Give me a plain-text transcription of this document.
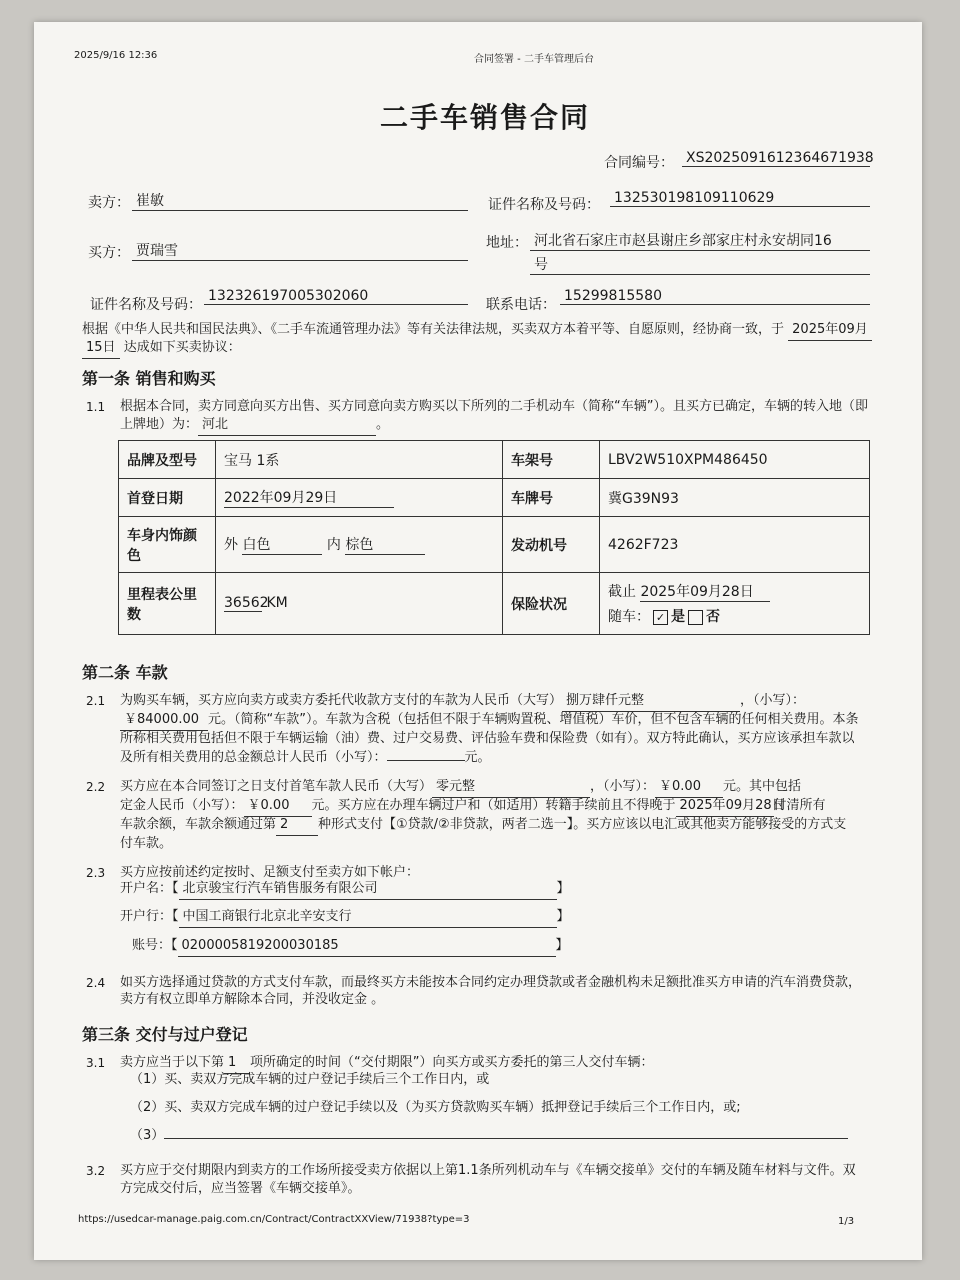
2025/9/16 12:36	合同签署 - 二手车管理后台
二手车销售合同
合同编号： XS2025091612364671938
卖方： 崔敏	证件名称及号码： 132530198109110629
买方： 贾瑞雪	地址： 河北省石家庄市赵县谢庄乡部家庄村永安胡同16
号
证件名称及号码：
132326197005302060
联系电话：
15299815580
根据《中华人民共和国民法典》、《二手车流通管理办法》等有关法律法规，买卖双方本着平等、自愿原则，经协商一致，于 2025年09月
15日 达成如下买卖协议：
第一条 销售和购买
1.1 根据本合同，卖方同意向买方出售、买方同意向卖方购买以下所列的二手机动车（简称“车辆”）。且买方已确定，车辆的转入地（即
上牌地）为： 河北	。
品牌及型号	宝马 1系	车架号	LBV2W510XPM486450
首登日期	2022年09月29日	车牌号	冀G39N93
车身内饰颜色	外 白色 内 棕色	发动机号	4262F723
里程表公里数	36562 KM	保险状况	截止 2025年09月28日
随车： ✓ 是 否
第二条 车款
2.1 为购买车辆，买方应向卖方或卖方委托代收款方支付的车款为人民币（大写） 捌万肆仟元整	，（小写）：
￥84000.00 元。（简称“车款”）。车款为含税（包括但不限于车辆购置税、增值税）车价，但不包含车辆的任何相关费用。本条
所称相关费用包括但不限于车辆运输（油）费、过户交易费、评估验车费和保险费（如有）。双方特此确认，买方应该承担车款以
及所有相关费用的总金额总计人民币（小写）：	元。
2.2 买方应在本合同签订之日支付首笔车款人民币（大写） 零元整	，（小写）： ￥0.00 元。其中包括
定金人民币（小写）： ￥0.00 元。买方应在办理车辆过户和（如适用）转籍手续前且不得晚于 2025年09月28日付清所有
车款余额，车款余额通过第 2 种形式支付【①贷款/②非贷款，两者二选一】。买方应该以电汇或其他卖方能够接受的方式支
付车款。
2.3 买方应按前述约定按时、足额支付至卖方如下帐户：
开户名：【 北京骏宝行汽车销售服务有限公司	】
开户行：【 中国工商银行北京北辛安支行	】
账号：【 0200005819200030185	】
2.4 如买方选择通过贷款的方式支付车款，而最终买方未能按本合同约定办理贷款或者金融机构未足额批准买方申请的汽车消费贷款，
卖方有权立即单方解除本合同，并没收定金 。
第三条 交付与过户登记
3.1 卖方应当于以下第 1 项所确定的时间（“交付期限”）向买方或买方委托的第三人交付车辆：
（1）买、卖双方完成车辆的过户登记手续后三个工作日内，或
（2）买、卖双方完成车辆的过户登记手续以及（为买方贷款购买车辆）抵押登记手续后三个工作日内，或;
（3）
3.2 买方应于交付期限内到卖方的工作场所接受卖方依据以上第1.1条所列机动车与《车辆交接单》交付的车辆及随车材料与文件。双
方完成交付后，应当签署《车辆交接单》。
https://usedcar-manage.paig.com.cn/Contract/ContractXXView/71938?type=3	1/3
